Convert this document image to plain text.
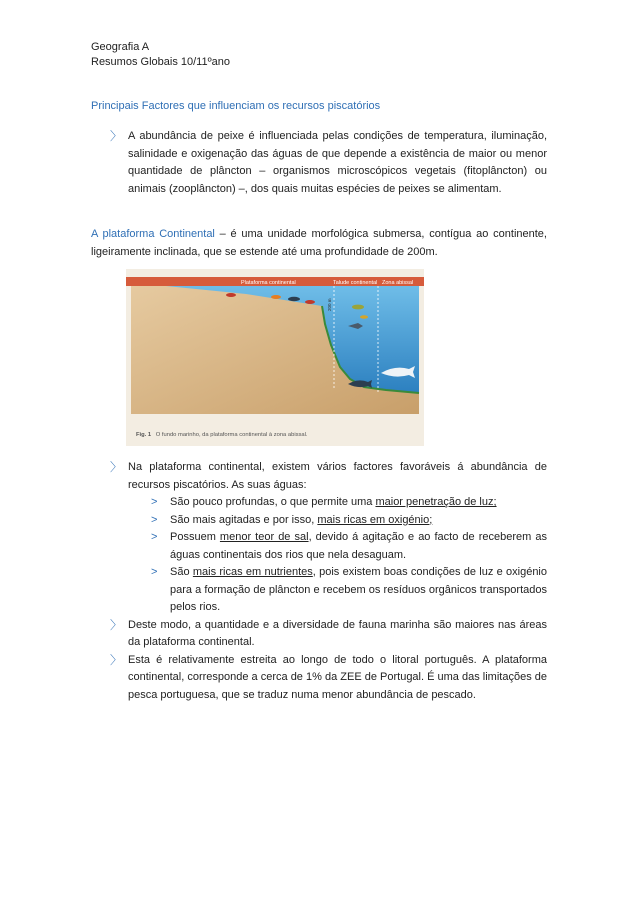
Geografia A
Resumos Globais 10/11ºano
Principais Factores que influenciam os recursos piscatórios
〉 A abundância de peixe é influenciada pelas condições de temperatura, iluminação, salinidade e oxigenação das águas de que depende a existência de maior ou menor quantidade de plâncton – organismos microscópicos vegetais (fitoplâncton) ou animais (zooplâncton) –, dos quais muitas espécies de peixes se alimentam.
A plataforma Continental – é uma unidade morfológica submersa, contígua ao continente, ligeiramente inclinada, que se estende até uma profundidade de 200m.
Plataforma continental	Talude continental Zona abissal
200 m
Fig. 1 O fundo marinho, da plataforma continental à zona abissal.
〉 Na plataforma continental, existem vários factores favoráveis á abundância de recursos piscatórios. As suas águas:
> São pouco profundas, o que permite uma maior penetração de luz;
> São mais agitadas e por isso, mais ricas em oxigénio;
> Possuem menor teor de sal, devido á agitação e ao facto de receberem as águas continentais dos rios que nela desaguam.
> São mais ricas em nutrientes, pois existem boas condições de luz e oxigénio para a formação de plâncton e recebem os resíduos orgânicos transportados pelos rios.
〉 Deste modo, a quantidade e a diversidade de fauna marinha são maiores nas áreas da plataforma continental.
〉 Esta é relativamente estreita ao longo de todo o litoral português. A plataforma continental, corresponde a cerca de 1% da ZEE de Portugal. É uma das limitações de pesca portuguesa, que se traduz numa menor abundância de pescado.
